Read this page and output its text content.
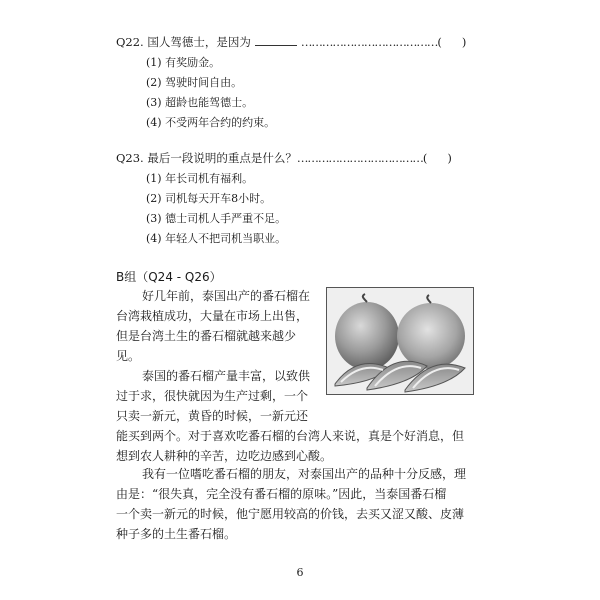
Q22. 国人驾德士，是因为	…………………………………(　　)
(1) 有奖励金。
(2) 驾驶时间自由。
(3) 超龄也能驾德士。
(4) 不受两年合约的约束。
Q23. 最后一段说明的重点是什么？………………………………(　　)
(1) 年长司机有福利。
(2) 司机每天开车8小时。
(3) 德士司机人手严重不足。
(4) 年轻人不把司机当职业。
B组（Q24 - Q26）
好几年前，泰国出产的番石榴在
台湾栽植成功，大量在市场上出售，
但是台湾土生的番石榴就越来越少
见。
泰国的番石榴产量丰富，以致供
过于求，很快就因为生产过剩，一个
只卖一新元，黄昏的时候，一新元还
能买到两个。对于喜欢吃番石榴的台湾人来说，真是个好消息，但
想到农人耕种的辛苦，边吃边感到心酸。
我有一位嗜吃番石榴的朋友，对泰国出产的品种十分反感，理
由是：“很失真，完全没有番石榴的原味。”因此，当泰国番石榴
一个卖一新元的时候，他宁愿用较高的价钱，去买又涩又酸、皮薄
种子多的土生番石榴。
6
